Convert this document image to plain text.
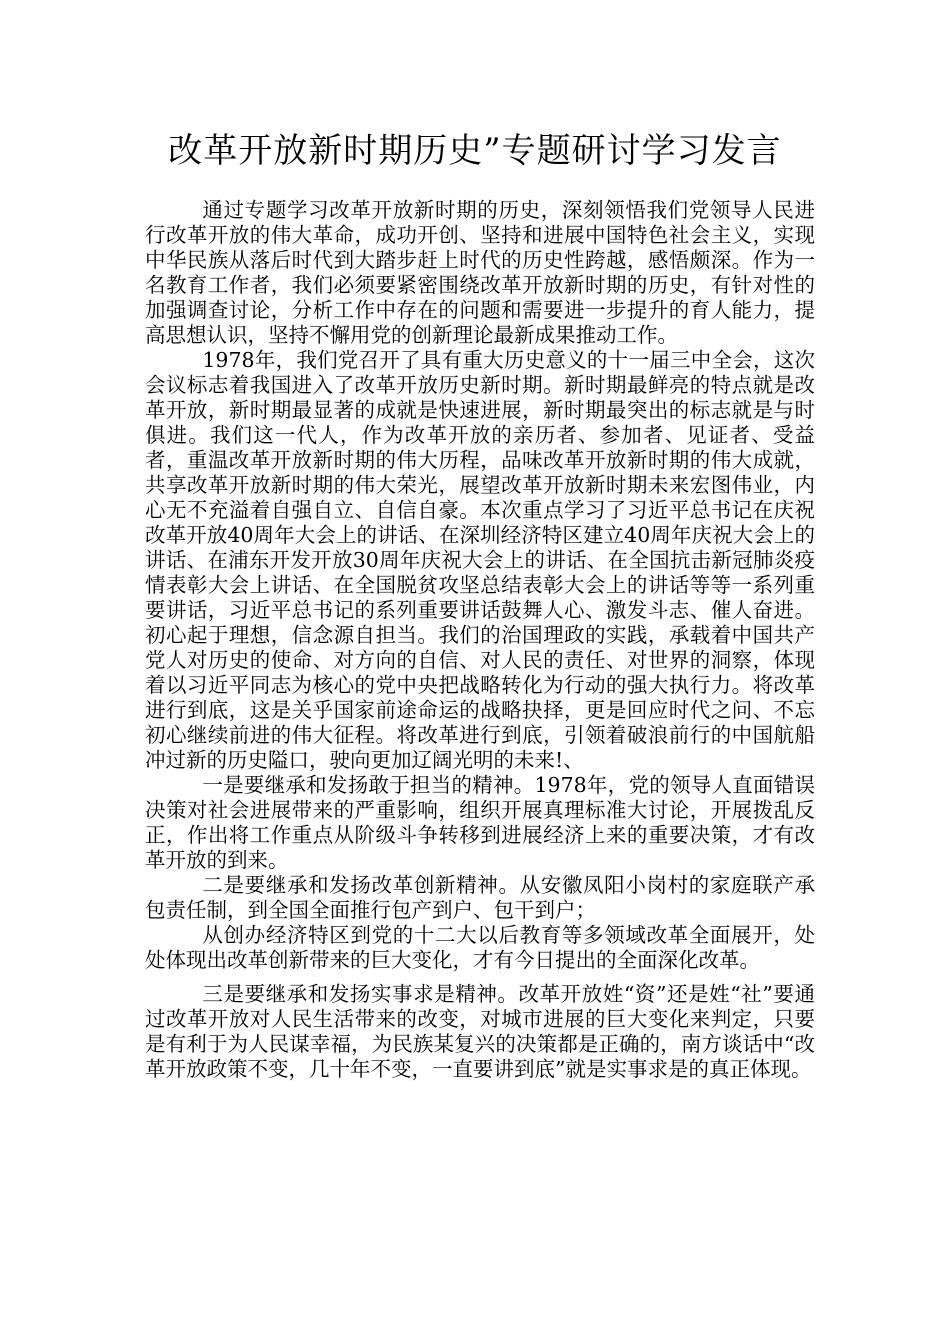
改革开放新时期历史”专题研讨学习发言

通过专题学习改革开放新时期的历史，深刻领悟我们党领导人民进行改革开放的伟大革命，成功开创、坚持和进展中国特色社会主义，实现中华民族从落后时代到大踏步赶上时代的历史性跨越，感悟颇深。作为一名教育工作者，我们必须要紧密围绕改革开放新时期的历史，有针对性的加强调查讨论，分析工作中存在的问题和需要进一步提升的育人能力，提高思想认识，坚持不懈用党的创新理论最新成果推动工作。

1978年，我们党召开了具有重大历史意义的十一届三中全会，这次会议标志着我国进入了改革开放历史新时期。新时期最鲜亮的特点就是改革开放，新时期最显著的成就是快速进展，新时期最突出的标志就是与时俱进。我们这一代人，作为改革开放的亲历者、参加者、见证者、受益者，重温改革开放新时期的伟大历程，品味改革开放新时期的伟大成就，共享改革开放新时期的伟大荣光，展望改革开放新时期未来宏图伟业，内心无不充溢着自强自立、自信自豪。本次重点学习了习近平总书记在庆祝改革开放40周年大会上的讲话、在深圳经济特区建立40周年庆祝大会上的讲话、在浦东开发开放30周年庆祝大会上的讲话、在全国抗击新冠肺炎疫情表彰大会上讲话、在全国脱贫攻坚总结表彰大会上的讲话等等一系列重要讲话，习近平总书记的系列重要讲话鼓舞人心、激发斗志、催人奋进。初心起于理想，信念源自担当。我们的治国理政的实践，承载着中国共产党人对历史的使命、对方向的自信、对人民的责任、对世界的洞察，体现着以习近平同志为核心的党中央把战略转化为行动的强大执行力。将改革进行到底，这是关乎国家前途命运的战略抉择，更是回应时代之问、不忘初心继续前进的伟大征程。将改革进行到底，引领着破浪前行的中国航船冲过新的历史隘口，驶向更加辽阔光明的未来!、

一是要继承和发扬敢于担当的精神。1978年，党的领导人直面错误决策对社会进展带来的严重影响，组织开展真理标准大讨论，开展拨乱反正，作出将工作重点从阶级斗争转移到进展经济上来的重要决策，才有改革开放的到来。

二是要继承和发扬改革创新精神。从安徽凤阳小岗村的家庭联产承包责任制，到全国全面推行包产到户、包干到户；

从创办经济特区到党的十二大以后教育等多领域改革全面展开，处处体现出改革创新带来的巨大变化，才有今日提出的全面深化改革。

三是要继承和发扬实事求是精神。改革开放姓“资”还是姓“社”要通过改革开放对人民生活带来的改变，对城市进展的巨大变化来判定，只要是有利于为人民谋幸福，为民族某复兴的决策都是正确的，南方谈话中“改革开放政策不变，几十年不变，一直要讲到底”就是实事求是的真正体现。
